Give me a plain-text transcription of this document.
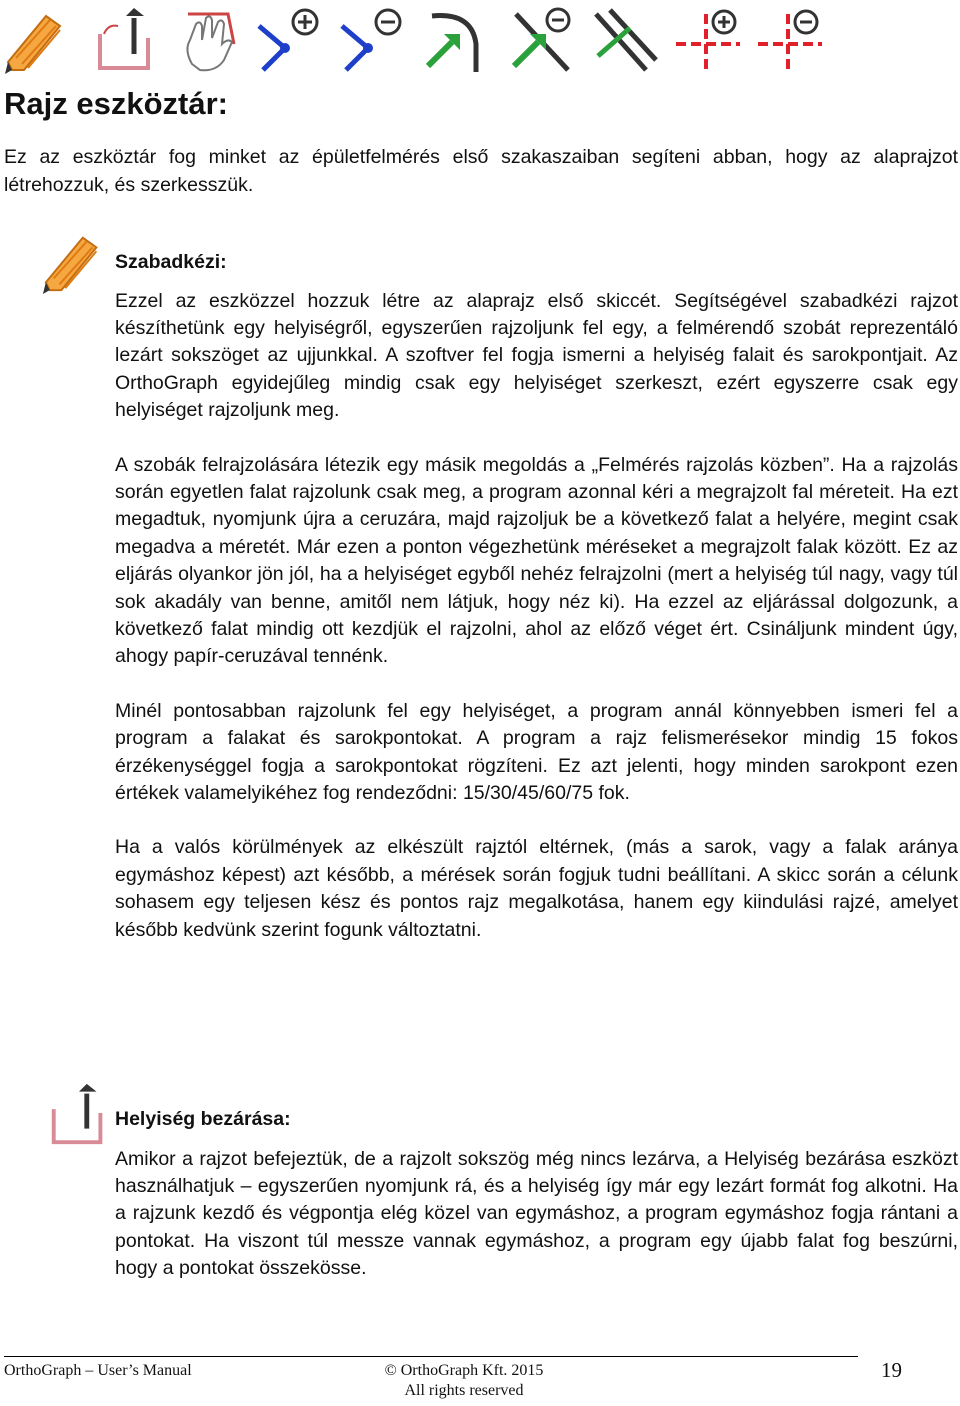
Rajz eszköztár:

Ez az eszköztár fog minket az épületfelmérés első szakaszaiban segíteni abban, hogy az alaprajzot létrehozzuk, és szerkesszük.

Szabadkézi:

Ezzel az eszközzel hozzuk létre az alaprajz első skiccét. Segítségével szabadkézi rajzot készíthetünk egy helyiségről, egyszerűen rajzoljunk fel egy, a felmérendő szobát reprezentáló lezárt sokszöget az ujjunkkal. A szoftver fel fogja ismerni a helyiség falait és sarokpontjait. Az OrthoGraph egyidejűleg mindig csak egy helyiséget szerkeszt, ezért egyszerre csak egy helyiséget rajzoljunk meg.

A szobák felrajzolására létezik egy másik megoldás a „Felmérés rajzolás közben”. Ha a rajzolás során egyetlen falat rajzolunk csak meg, a program azonnal kéri a megrajzolt fal méreteit. Ha ezt megadtuk, nyomjunk újra a ceruzára, majd rajzoljuk be a következő falat a helyére, megint csak megadva a méretét. Már ezen a ponton végezhetünk méréseket a megrajzolt falak között. Ez az eljárás olyankor jön jól, ha a helyiséget egyből nehéz felrajzolni (mert a helyiség túl nagy, vagy túl sok akadály van benne, amitől nem látjuk, hogy néz ki). Ha ezzel az eljárással dolgozunk, a következő falat mindig ott kezdjük el rajzolni, ahol az előző véget ért. Csináljunk mindent úgy, ahogy papír-ceruzával tennénk.

Minél pontosabban rajzolunk fel egy helyiséget, a program annál könnyebben ismeri fel a program a falakat és sarokpontokat. A program a rajz felismerésekor mindig 15 fokos érzékenységgel fogja a sarokpontokat rögzíteni. Ez azt jelenti, hogy minden sarokpont ezen értékek valamelyikéhez fog rendeződni: 15/30/45/60/75 fok.

Ha a valós körülmények az elkészült rajztól eltérnek, (más a sarok, vagy a falak aránya egymáshoz képest) azt később, a mérések során fogjuk tudni beállítani. A skicc során a célunk sohasem egy teljesen kész és pontos rajz megalkotása, hanem egy kiindulási rajzé, amelyet később kedvünk szerint fogunk változtatni.

Helyiség bezárása:

Amikor a rajzot befejeztük, de a rajzolt sokszög még nincs lezárva, a Helyiség bezárása eszközt használhatjuk – egyszerűen nyomjunk rá, és a helyiség így már egy lezárt formát fog alkotni. Ha a rajzunk kezdő és végpontja elég közel van egymáshoz, a program egymáshoz fogja rántani a pontokat. Ha viszont túl messze vannak egymáshoz, a program egy újabb falat fog beszúrni, hogy a pontokat összekösse.

OrthoGraph – User’s Manual	© OrthoGraph Kft. 2015
All rights reserved
19
